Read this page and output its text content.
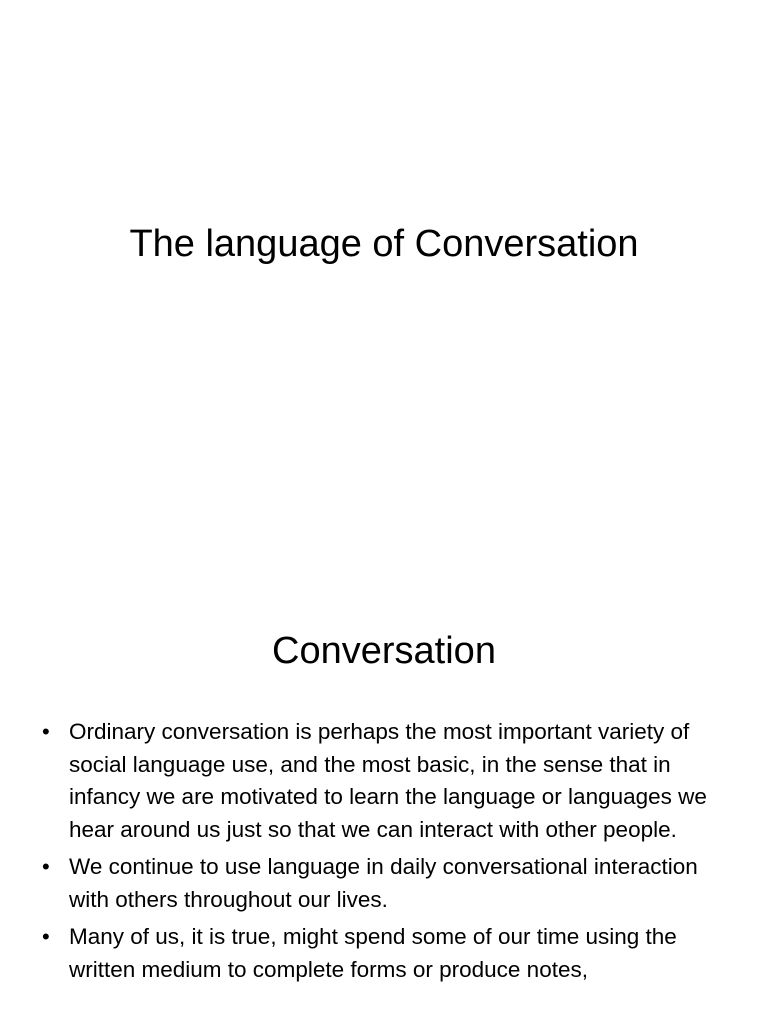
The language of Conversation
Conversation
• Ordinary conversation is perhaps the most important variety of social language use, and the most basic, in the sense that in infancy we are motivated to learn the language or languages we hear around us just so that we can interact with other people.
• We continue to use language in daily conversational interaction with others throughout our lives.
• Many of us, it is true, might spend some of our time using the written medium to complete forms or produce notes,
